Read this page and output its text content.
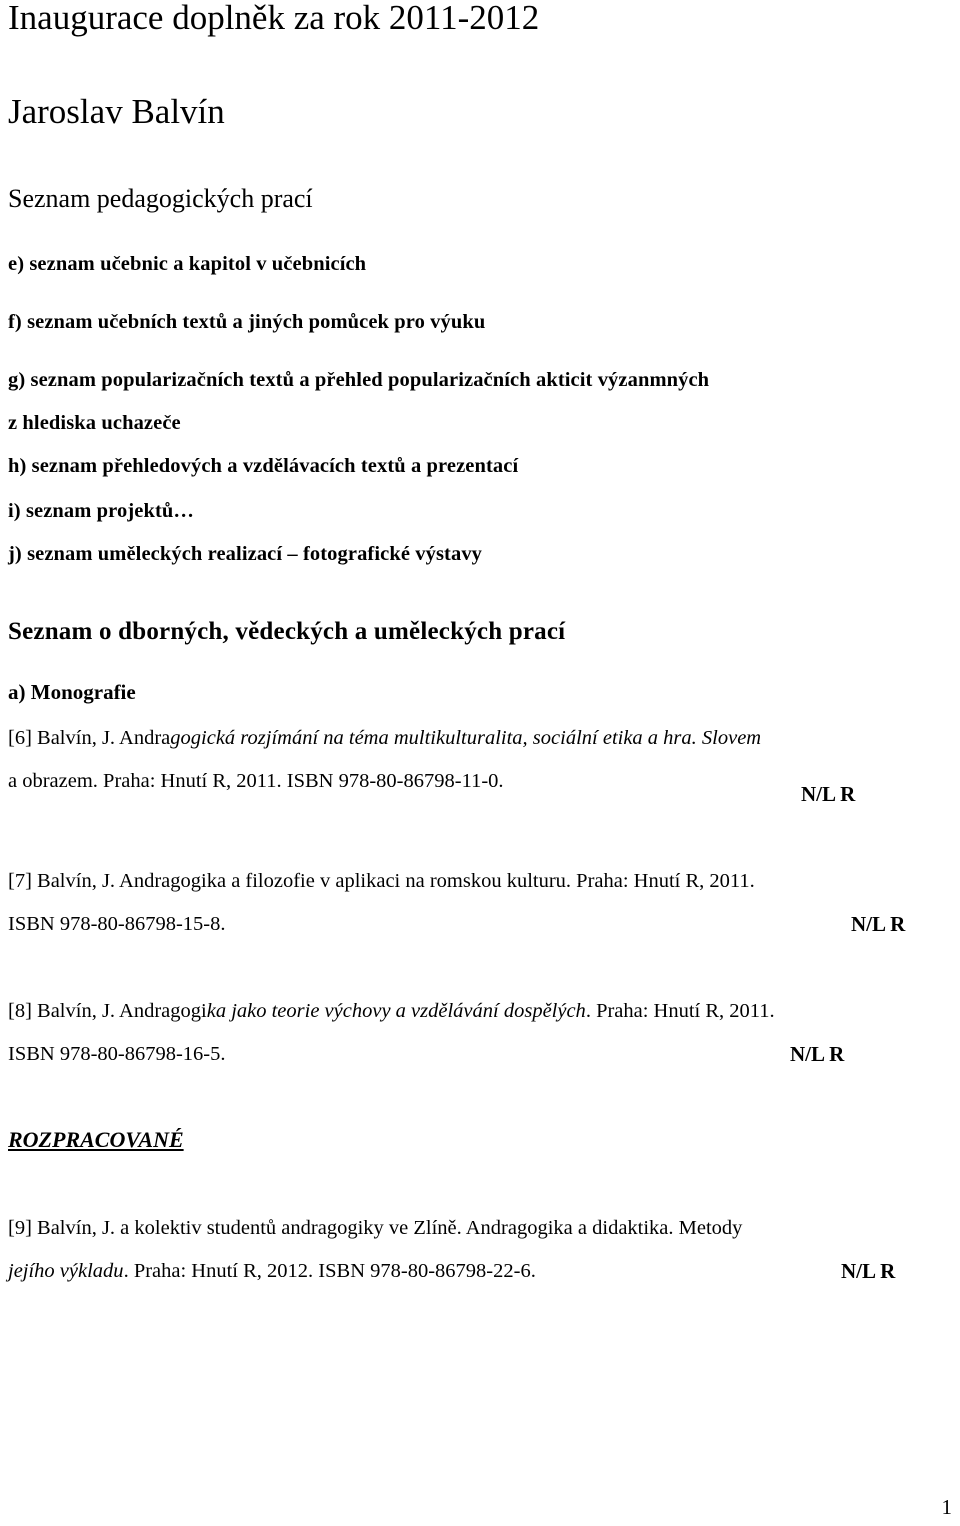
Inaugurace doplněk za rok 2011-2012
Jaroslav Balvín
Seznam pedagogických prací
e) seznam učebnic a kapitol v učebnicích
f) seznam učebních textů a jiných pomůcek pro výuku
g) seznam popularizačních textů a přehled popularizačních akticit výzanmných
z hlediska uchazeče
h) seznam přehledových a vzdělávacích textů a prezentací
i) seznam projektů…
j) seznam uměleckých realizací – fotografické výstavy
Seznam o dborných, vědeckých a uměleckých prací
a) Monografie
[6] Balvín, J. Andragogická rozjímání na téma multikulturalita, sociální etika a hra. Slovem
a obrazem. Praha: Hnutí R, 2011. ISBN 978-80-86798-11-0.
N/L R
[7] Balvín, J. Andragogika a filozofie v aplikaci na romskou kulturu. Praha: Hnutí R, 2011.
ISBN 978-80-86798-15-8.	N/L R
[8] Balvín, J. Andragogika jako teorie výchovy a vzdělávání dospělých. Praha: Hnutí R, 2011.
ISBN 978-80-86798-16-5.	N/L R
ROZPRACOVANÉ
[9] Balvín, J. a kolektiv studentů andragogiky ve Zlíně. Andragogika a didaktika. Metody
jejího výkladu. Praha: Hnutí R, 2012. ISBN 978-80-86798-22-6.	N/L R
1
